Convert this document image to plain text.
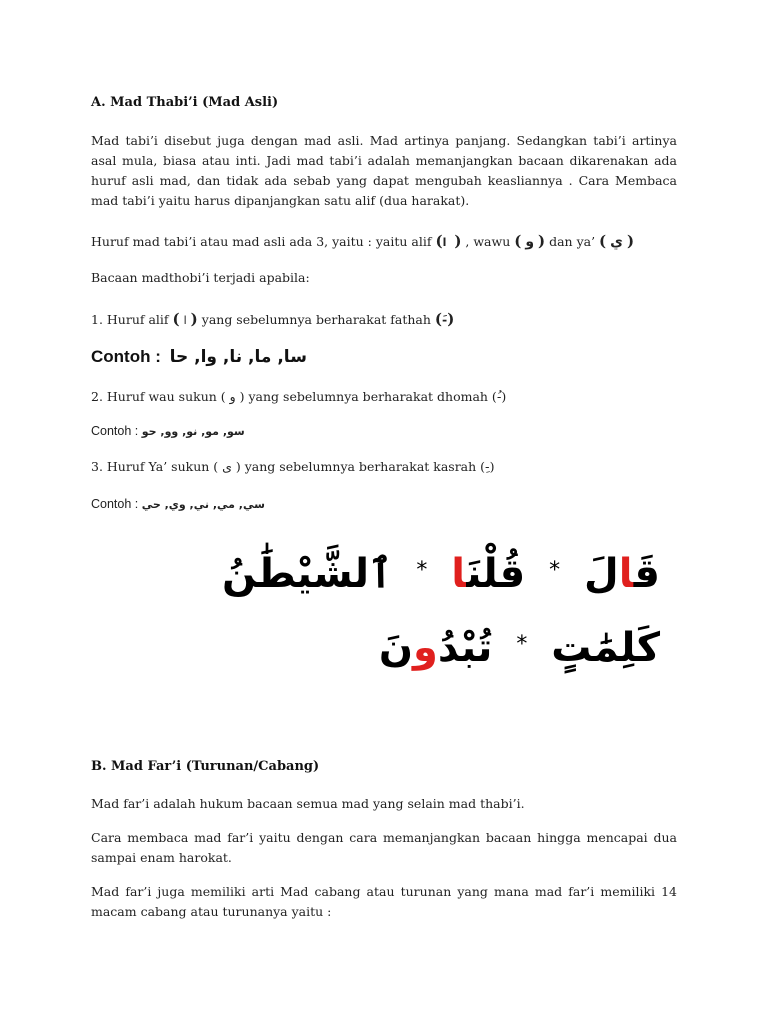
A. Mad Thabi’i (Mad Asli)
Mad tabi’i disebut juga dengan mad asli. Mad artinya panjang. Sedangkan tabi’i artinya asal mula, biasa atau inti. Jadi mad tabi’i adalah memanjangkan bacaan dikarenakan ada huruf asli mad, dan tidak ada sebab yang dapat mengubah keasliannya . Cara Membaca mad tabi’i yaitu harus dipanjangkan satu alif (dua harakat).
Huruf mad tabi’i atau mad asli ada 3, yaitu : yaitu alif (ا ) , wawu ( و ) dan ya’ ( ي )
Bacaan madthobi’i terjadi apabila:
1. Huruf alif ( ا ) yang sebelumnya berharakat fathah (-َ)
Contoh : سا, ما, نا, وا, حا
2. Huruf wau sukun ( و ) yang sebelumnya berharakat dhomah (-ُ)
Contoh : سو, مو, نو, وو, حو
3. Huruf Ya’ sukun ( ى ) yang sebelumnya berharakat kasrah (-ِ)
Contoh : سي, مي, ني, وي, حي
قَالَ * قُلْنَا * ٱلشَّيْطَنُ
كَلِمَتٍ * تُبْدُونَ
B. Mad Far’i (Turunan/Cabang)
Mad far’i adalah hukum bacaan semua mad yang selain mad thabi’i.
Cara membaca mad far’i yaitu dengan cara memanjangkan bacaan hingga mencapai dua sampai enam harokat.
Mad far’i juga memiliki arti Mad cabang atau turunan yang mana mad far’i memiliki 14 macam cabang atau turunanya yaitu :
